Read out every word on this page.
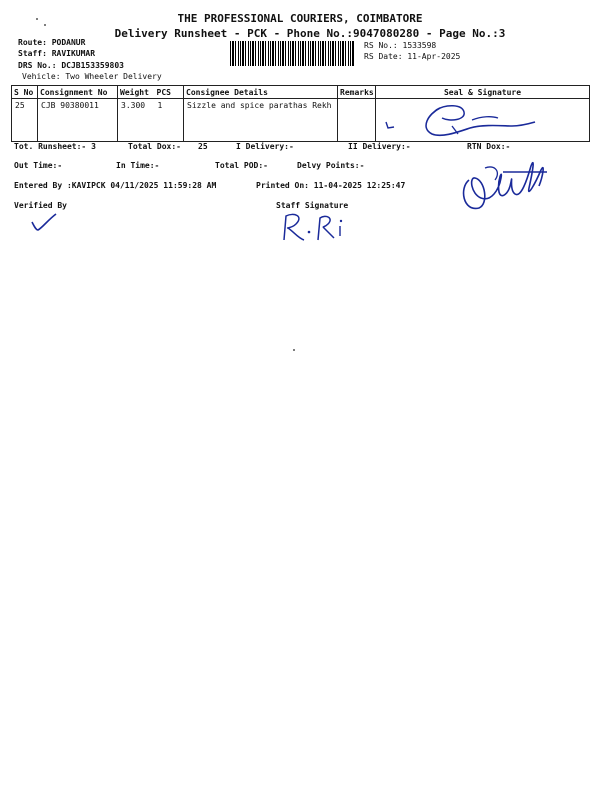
THE PROFESSIONAL COURIERS, COIMBATORE
Delivery Runsheet - PCK - Phone No.:9047080280 - Page No.:3
Route: PODANUR
Staff: RAVIKUMAR
DRS No.: DCJB153359803
Vehicle: Two Wheeler Delivery
RS No.: 1533598
RS Date: 11-Apr-2025
S No	Consignment No	Weight	PCS	Consignee Details	Remarks	Seal & Signature
25	CJB 90380011	3.300	1	Sizzle and spice parathas Rekh		
Tot. Runsheet:- 3	Total Dox:- 25	I Delivery:-	II Delivery:-	RTN Dox:-
Out Time:-	In Time:-	Total POD:-	Delvy Points:-
Entered By :KAVIPCK 04/11/2025 11:59:28 AM	Printed On: 11-04-2025 12:25:47
Verified By	Staff Signature
